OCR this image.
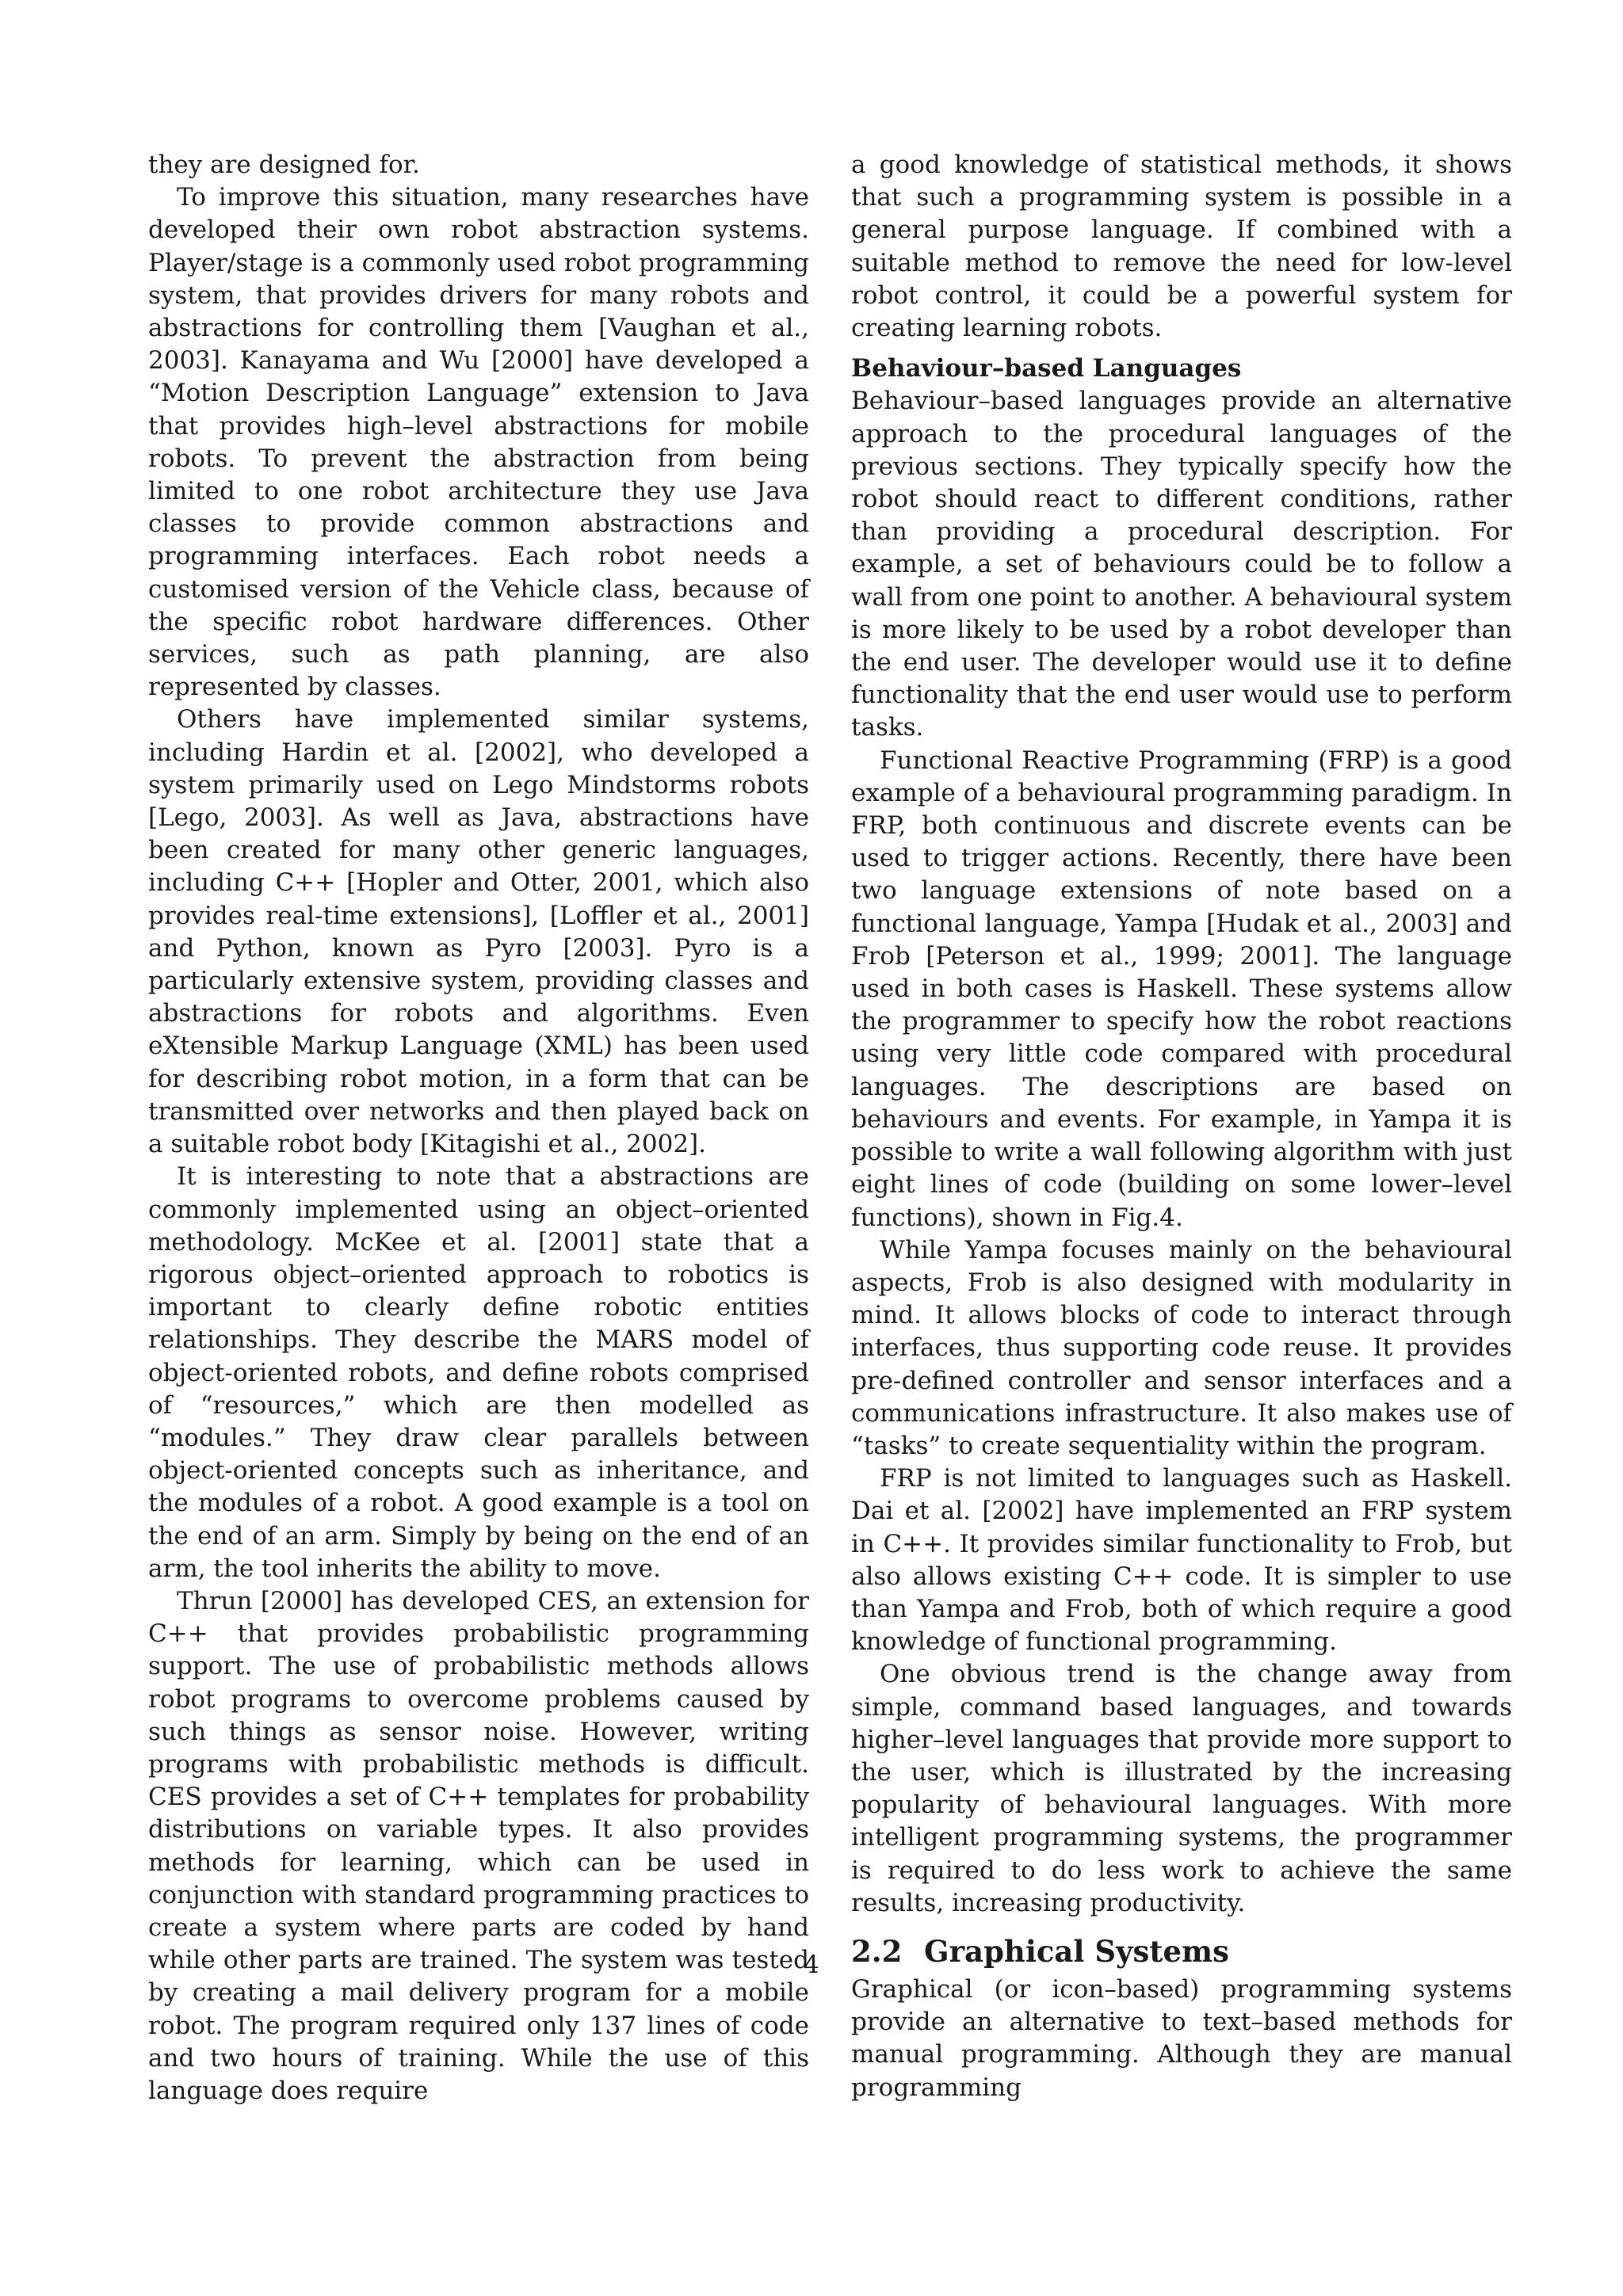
they are designed for.

To improve this situation, many researches have developed their own robot abstraction systems. Player/stage is a commonly used robot programming system, that provides drivers for many robots and abstractions for controlling them [Vaughan et al., 2003]. Kanayama and Wu [2000] have developed a “Motion Description Language” extension to Java that provides high–level abstractions for mobile robots. To prevent the abstraction from being limited to one robot architecture they use Java classes to provide common abstractions and programming interfaces. Each robot needs a customised version of the Vehicle class, because of the specific robot hardware differences. Other services, such as path planning, are also represented by classes.

Others have implemented similar systems, including Hardin et al. [2002], who developed a system primarily used on Lego Mindstorms robots [Lego, 2003]. As well as Java, abstractions have been created for many other generic languages, including C++ [Hopler and Otter, 2001, which also provides real-time extensions], [Loffler et al., 2001] and Python, known as Pyro [2003]. Pyro is a particularly extensive system, providing classes and abstractions for robots and algorithms. Even eXtensible Markup Language (XML) has been used for describing robot motion, in a form that can be transmitted over networks and then played back on a suitable robot body [Kitagishi et al., 2002].

It is interesting to note that a abstractions are commonly implemented using an object–oriented methodology. McKee et al. [2001] state that a rigorous object–oriented approach to robotics is important to clearly define robotic entities relationships. They describe the MARS model of object-oriented robots, and define robots comprised of “resources,” which are then modelled as “modules.” They draw clear parallels between object-oriented concepts such as inheritance, and the modules of a robot. A good example is a tool on the end of an arm. Simply by being on the end of an arm, the tool inherits the ability to move.

Thrun [2000] has developed CES, an extension for C++ that provides probabilistic programming support. The use of probabilistic methods allows robot programs to overcome problems caused by such things as sensor noise. However, writing programs with probabilistic methods is difficult. CES provides a set of C++ templates for probability distributions on variable types. It also provides methods for learning, which can be used in conjunction with standard programming practices to create a system where parts are coded by hand while other parts are trained. The system was tested by creating a mail delivery program for a mobile robot. The program required only 137 lines of code and two hours of training. While the use of this language does require

a good knowledge of statistical methods, it shows that such a programming system is possible in a general purpose language. If combined with a suitable method to remove the need for low-level robot control, it could be a powerful system for creating learning robots.

Behaviour–based Languages

Behaviour–based languages provide an alternative approach to the procedural languages of the previous sections. They typically specify how the robot should react to different conditions, rather than providing a procedural description. For example, a set of behaviours could be to follow a wall from one point to another. A behavioural system is more likely to be used by a robot developer than the end user. The developer would use it to define functionality that the end user would use to perform tasks.

Functional Reactive Programming (FRP) is a good example of a behavioural programming paradigm. In FRP, both continuous and discrete events can be used to trigger actions. Recently, there have been two language extensions of note based on a functional language, Yampa [Hudak et al., 2003] and Frob [Peterson et al., 1999; 2001]. The language used in both cases is Haskell. These systems allow the programmer to specify how the robot reactions using very little code compared with procedural languages. The descriptions are based on behaviours and events. For example, in Yampa it is possible to write a wall following algorithm with just eight lines of code (building on some lower–level functions), shown in Fig.4.

While Yampa focuses mainly on the behavioural aspects, Frob is also designed with modularity in mind. It allows blocks of code to interact through interfaces, thus supporting code reuse. It provides pre-defined controller and sensor interfaces and a communications infrastructure. It also makes use of “tasks” to create sequentiality within the program.

FRP is not limited to languages such as Haskell. Dai et al. [2002] have implemented an FRP system in C++. It provides similar functionality to Frob, but also allows existing C++ code. It is simpler to use than Yampa and Frob, both of which require a good knowledge of functional programming.

One obvious trend is the change away from simple, command based languages, and towards higher–level languages that provide more support to the user, which is illustrated by the increasing popularity of behavioural languages. With more intelligent programming systems, the programmer is required to do less work to achieve the same results, increasing productivity.

2.2 Graphical Systems

Graphical (or icon–based) programming systems provide an alternative to text–based methods for manual programming. Although they are manual programming

4
